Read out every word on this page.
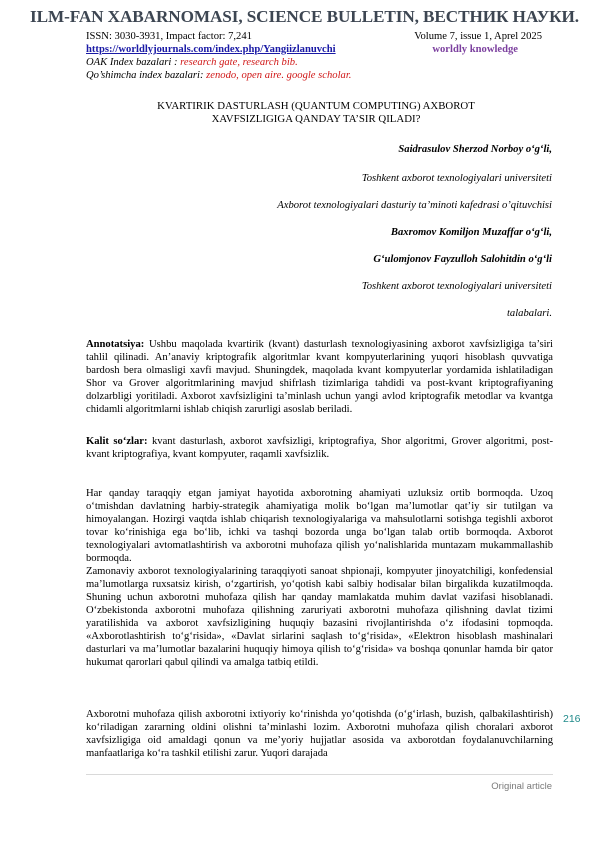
ILM-FAN XABARNOMASI, SCIENCE BULLETIN, ВЕСТНИК НАУКИ.
ISSN: 3030-3931, Impact factor: 7,241	Volume 7, issue 1, Aprel 2025
https://worldlyjournals.com/index.php/Yangiizlanuvchi	worldly knowledge
OAK Index bazalari : research gate, research bib.
Qo’shimcha index bazalari: zenodo, open aire. google scholar.
KVARTIRIK DASTURLASH (QUANTUM COMPUTING) AXBOROT
XAVFSIZLIGIGA QANDAY TA’SIR QILADI?
Saidrasulov Sherzod Norboy o‘g‘li,
Toshkent axborot texnologiyalari universiteti
Axborot texnologiyalari dasturiy ta’minoti kafedrasi o’qituvchisi
Baxromov Komiljon Muzaffar o‘g‘li,
G‘ulomjonov Fayzulloh Salohitdin o‘g‘li
Toshkent axborot texnologiyalari universiteti
talabalari.

Annotatsiya: Ushbu maqolada kvartirik (kvant) dasturlash texnologiyasining axborot xavfsizligiga ta’siri tahlil qilinadi. An’anaviy kriptografik algoritmlar kvant kompyuterlarining yuqori hisoblash quvvatiga bardosh bera olmasligi xavfi mavjud. Shuningdek, maqolada kvant kompyuterlar yordamida ishlatiladigan Shor va Grover algoritmlarining mavjud shifrlash tizimlariga tahdidi va post-kvant kriptografiyaning dolzarbligi yoritiladi. Axborot xavfsizligini ta’minlash uchun yangi avlod kriptografik metodlar va kvantga chidamli algoritmlarni ishlab chiqish zarurligi asoslab beriladi.

Kalit so‘zlar: kvant dasturlash, axborot xavfsizligi, kriptografiya, Shor algoritmi, Grover algoritmi, post-kvant kriptografiya, kvant kompyuter, raqamli xavfsizlik.

Har qanday taraqqiy etgan jamiyat hayotida axborotning ahamiyati uzluksiz ortib bormoqda. Uzoq o‘tmishdan davlatning harbiy-strategik ahamiyatiga molik bo‘lgan ma’lumotlar qat’iy sir tutilgan va himoyalangan. Hozirgi vaqtda ishlab chiqarish texnologiyalariga va mahsulotlarni sotishga tegishli axborot tovar ko‘rinishiga ega bo‘lib, ichki va tashqi bozorda unga bo‘lgan talab ortib bormoqda. Axborot texnologiyalari avtomatlashtirish va axborotni muhofaza qilish yo‘nalishlarida muntazam mukammallashib bormoqda.

Zamonaviy axborot texnologiyalarining taraqqiyoti sanoat shpionaji, kompyuter jinoyatchiligi, konfedensial ma’lumotlarga ruxsatsiz kirish, o‘zgartirish, yo‘qotish kabi salbiy hodisalar bilan birgalikda kuzatilmoqda. Shuning uchun axborotni muhofaza qilish har qanday mamlakatda muhim davlat vazifasi hisoblanadi. O‘zbekistonda axborotni muhofaza qilishning zaruriyati axborotni muhofaza qilishning davlat tizimi yaratilishida va axborot xavfsizligining huquqiy bazasini rivojlantirishda o‘z ifodasini topmoqda. «Axborotlashtirish to‘g‘risida», «Davlat sirlarini saqlash to‘g‘risida», «Elektron hisoblash mashinalari dasturlari va ma’lumotlar bazalarini huquqiy himoya qilish to‘g‘risida» va boshqa qonunlar hamda bir qator hukumat qarorlari qabul qilindi va amalga tatbiq etildi.

Axborotni muhofaza qilish axborotni ixtiyoriy ko‘rinishda yo‘qotishda (o‘g‘irlash, buzish, qalbakilashtirish) ko‘riladigan zararning oldini olishni ta’minlashi lozim. Axborotni muhofaza qilish choralari axborot xavfsizligiga oid amaldagi qonun va me’yoriy hujjatlar asosida va axborotdan foydalanuvchilarning manfaatlariga ko‘ra tashkil etilishi zarur. Yuqori darajada

216
Original article
